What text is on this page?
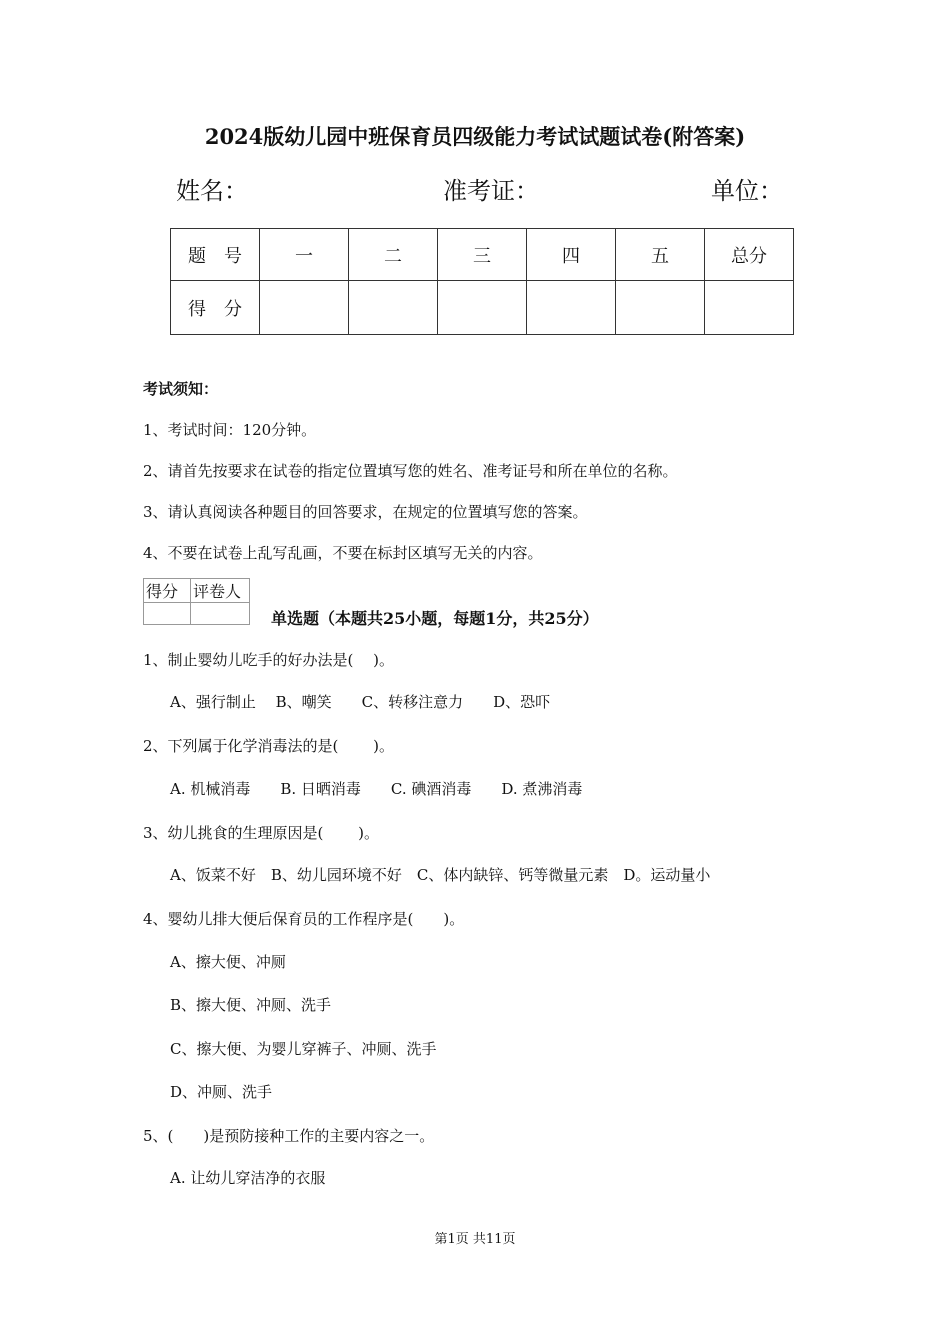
2024版幼儿园中班保育员四级能力考试试题试卷(附答案)
姓名：	准考证：	单位：
题　号	一	二	三	四	五	总分
得　分						
考试须知：
1、考试时间：120分钟。
2、请首先按要求在试卷的指定位置填写您的姓名、准考证号和所在单位的名称。
3、请认真阅读各种题目的回答要求，在规定的位置填写您的答案。
4、不要在试卷上乱写乱画，不要在标封区填写无关的内容。
得分	评卷人

单选题（本题共25小题，每题1分，共25分）
1、制止婴幼儿吃手的好办法是(　 )。
A、强行制止　 B、嘲笑　　C、转移注意力　　D、恐吓
2、下列属于化学消毒法的是(　　 )。
A. 机械消毒　　B. 日晒消毒　　C. 碘酒消毒　　D. 煮沸消毒
3、幼儿挑食的生理原因是(　　 )。
A、饭菜不好　B、幼儿园环境不好　C、体内缺锌、钙等微量元素　D。运动量小
4、婴幼儿排大便后保育员的工作程序是(　　)。
A、擦大便、冲厕
B、擦大便、冲厕、洗手
C、擦大便、为婴儿穿裤子、冲厕、洗手
D、冲厕、洗手
5、(　　)是预防接种工作的主要内容之一。
A. 让幼儿穿洁净的衣服
第1页 共11页
